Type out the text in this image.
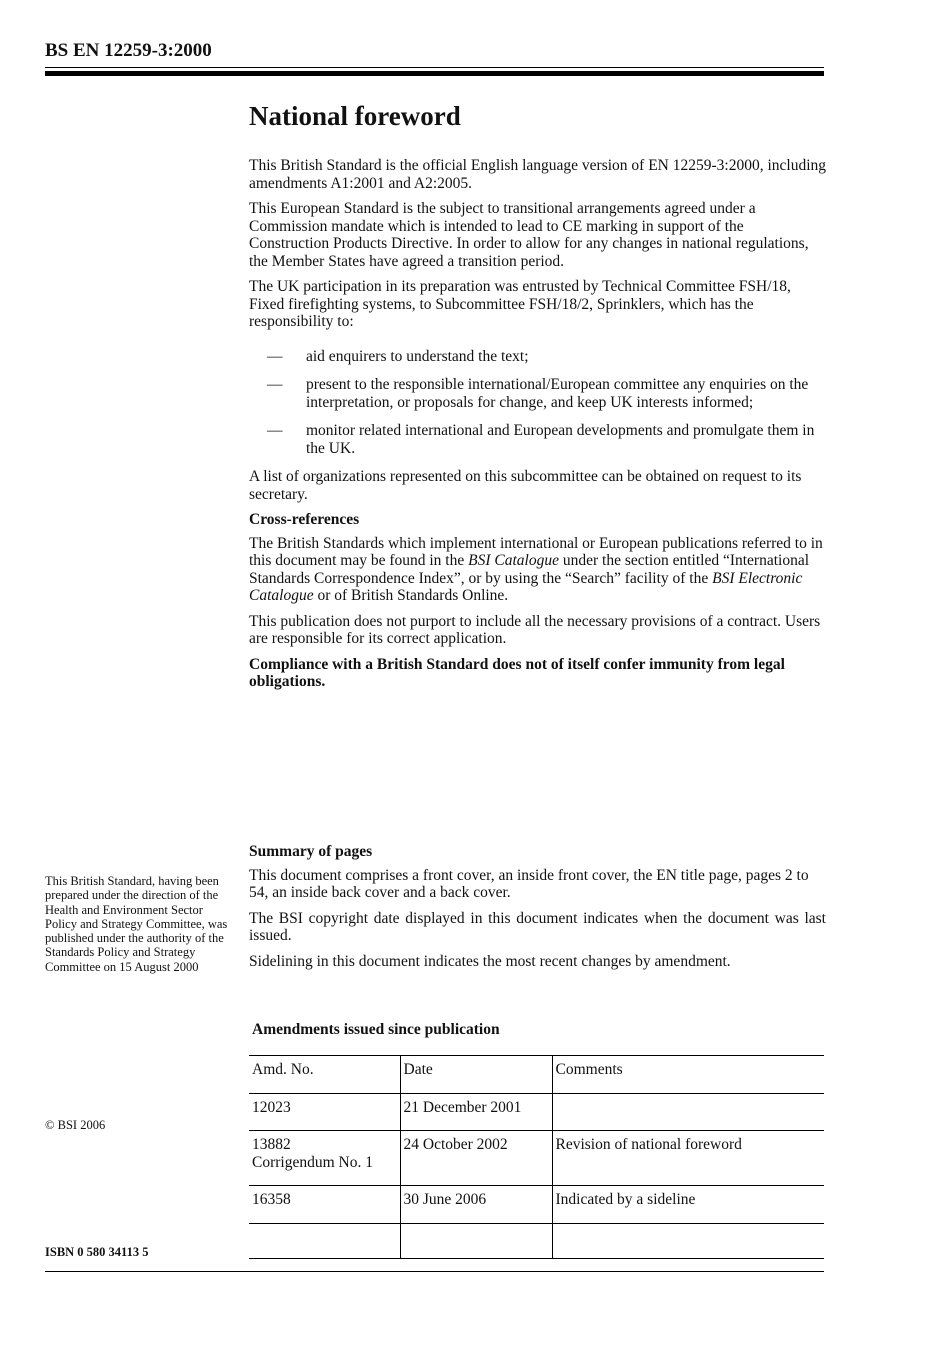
BS EN 12259-3:2000
National foreword

This British Standard is the official English language version of EN 12259-3:2000, including amendments A1:2001 and A2:2005.

This European Standard is the subject to transitional arrangements agreed under a Commission mandate which is intended to lead to CE marking in support of the Construction Products Directive. In order to allow for any changes in national regulations, the Member States have agreed a transition period.

The UK participation in its preparation was entrusted by Technical Committee FSH/18, Fixed firefighting systems, to Subcommittee FSH/18/2, Sprinklers, which has the responsibility to:

— aid enquirers to understand the text;
— present to the responsible international/European committee any enquiries on the interpretation, or proposals for change, and keep UK interests informed;
— monitor related international and European developments and promulgate them in the UK.

A list of organizations represented on this subcommittee can be obtained on request to its secretary.

Cross-references

The British Standards which implement international or European publications referred to in this document may be found in the BSI Catalogue under the section entitled “International Standards Correspondence Index”, or by using the “Search” facility of the BSI Electronic Catalogue or of British Standards Online.

This publication does not purport to include all the necessary provisions of a contract. Users are responsible for its correct application.

Compliance with a British Standard does not of itself confer immunity from legal obligations.

Summary of pages

This document comprises a front cover, an inside front cover, the EN title page, pages 2 to 54, an inside back cover and a back cover.

The BSI copyright date displayed in this document indicates when the document was last issued.

Sidelining in this document indicates the most recent changes by amendment.

This British Standard, having been prepared under the direction of the Health and Environment Sector Policy and Strategy Committee, was published under the authority of the Standards Policy and Strategy Committee on 15 August 2000
© BSI 2006
ISBN 0 580 34113 5
Amendments issued since publication
Amd. No.	Date	Comments

12023	21 December 2001	

13882
Corrigendum No. 1	24 October 2002	Revision of national foreword

16358	30 June 2006	Indicated by a sideline
